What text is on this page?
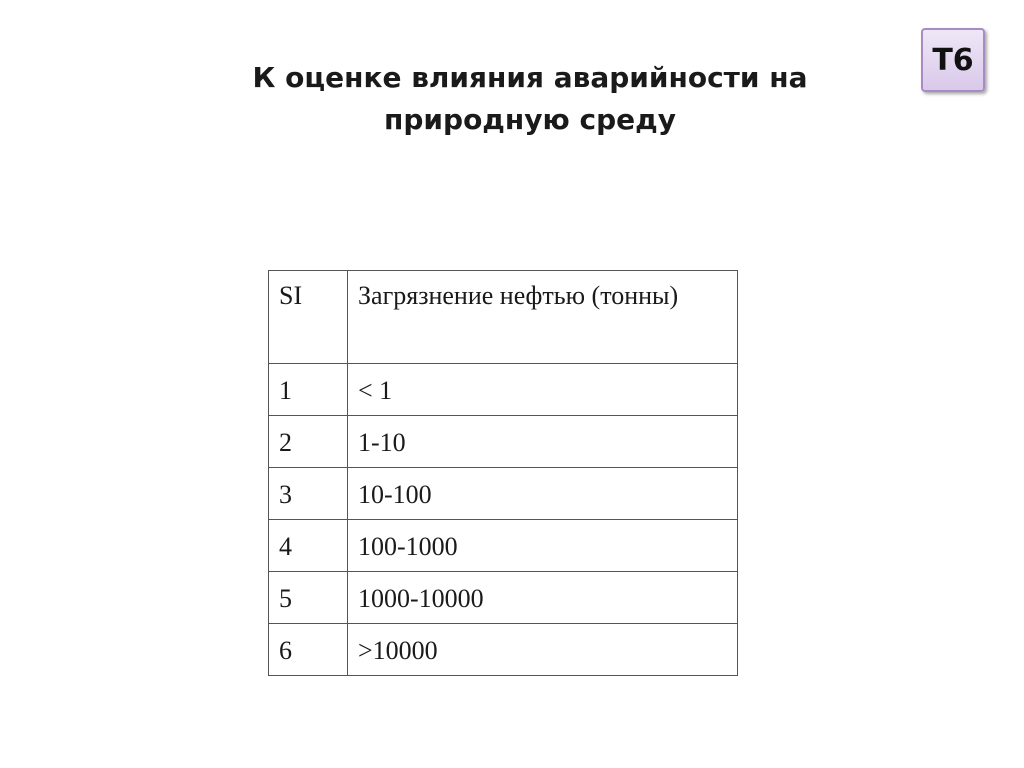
К оценке влияния аварийности на
природную среду
Т6
SI	Загрязнение нефтью (тонны)
1	< 1
2	1-10
3	10-100
4	100-1000
5	1000-10000
6	>10000
